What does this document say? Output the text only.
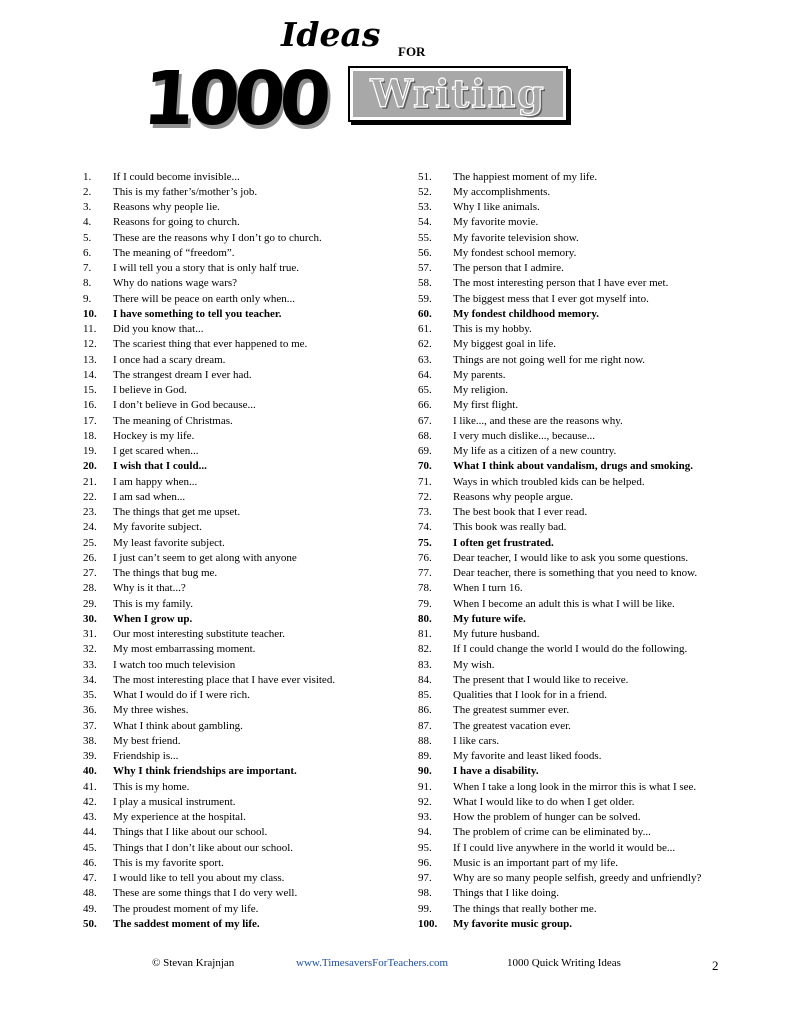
Ideas FOR
1000 Writing
1.	If I could become invisible...
2.	This is my father’s/mother’s job.
3.	Reasons why people lie.
4.	Reasons for going to church.
5.	These are the reasons why I don’t go to church.
6.	The meaning of “freedom”.
7.	I will tell you a story that is only half true.
8.	Why do nations wage wars?
9.	There will be peace on earth only when...
10.	I have something to tell you teacher.
11.	Did you know that...
12.	The scariest thing that ever happened to me.
13.	I once had a scary dream.
14.	The strangest dream I ever had.
15.	I believe in God.
16.	I don’t believe in God because...
17.	The meaning of Christmas.
18.	Hockey is my life.
19.	I get scared when...
20.	I wish that I could...
21.	I am happy when...
22.	I am sad when...
23.	The things that get me upset.
24.	My favorite subject.
25.	My least favorite subject.
26.	I just can’t seem to get along with anyone
27.	The things that bug me.
28.	Why is it that...?
29.	This is my family.
30.	When I grow up.
31.	Our most interesting substitute teacher.
32.	My most embarrassing moment.
33.	I watch too much television
34.	The most interesting place that I have ever visited.
35.	What I would do if I were rich.
36.	My three wishes.
37.	What I think about gambling.
38.	My best friend.
39.	Friendship is...
40.	Why I think friendships are important.
41.	This is my home.
42.	I play a musical instrument.
43.	My experience at the hospital.
44.	Things that I like about our school.
45.	Things that I don’t like about our school.
46.	This is my favorite sport.
47.	I would like to tell you about my class.
48.	These are some things that I do very well.
49.	The proudest moment of my life.
50.	The saddest moment of my life.
51.	The happiest moment of my life.
52.	My accomplishments.
53.	Why I like animals.
54.	My favorite movie.
55.	My favorite television show.
56.	My fondest school memory.
57.	The person that I admire.
58.	The most interesting person that I have ever met.
59.	The biggest mess that I ever got myself into.
60.	My fondest childhood memory.
61.	This is my hobby.
62.	My biggest goal in life.
63.	Things are not going well for me right now.
64.	My parents.
65.	My religion.
66.	My first flight.
67.	I like..., and these are the reasons why.
68.	I very much dislike..., because...
69.	My life as a citizen of a new country.
70.	What I think about vandalism, drugs and smoking.
71.	Ways in which troubled kids can be helped.
72.	Reasons why people argue.
73.	The best book that I ever read.
74.	This book was really bad.
75.	I often get frustrated.
76.	Dear teacher, I would like to ask you some questions.
77.	Dear teacher, there is something that you need to know.
78.	When I turn 16.
79.	When I become an adult this is what I will be like.
80.	My future wife.
81.	My future husband.
82.	If I could change the world I would do the following.
83.	My wish.
84.	The present that I would like to receive.
85.	Qualities that I look for in a friend.
86.	The greatest summer ever.
87.	The greatest vacation ever.
88.	I like cars.
89.	My favorite and least liked foods.
90.	I have a disability.
91.	When I take a long look in the mirror this is what I see.
92.	What I would like to do when I get older.
93.	How the problem of hunger can be solved.
94.	The problem of crime can be eliminated by...
95.	If I could live anywhere in the world it would be...
96.	Music is an important part of my life.
97.	Why are so many people selfish, greedy and unfriendly?
98.	Things that I like doing.
99.	The things that really bother me.
100.	My favorite music group.
© Stevan Krajnjan	www.TimesaversForTeachers.com	1000 Quick Writing Ideas	2
